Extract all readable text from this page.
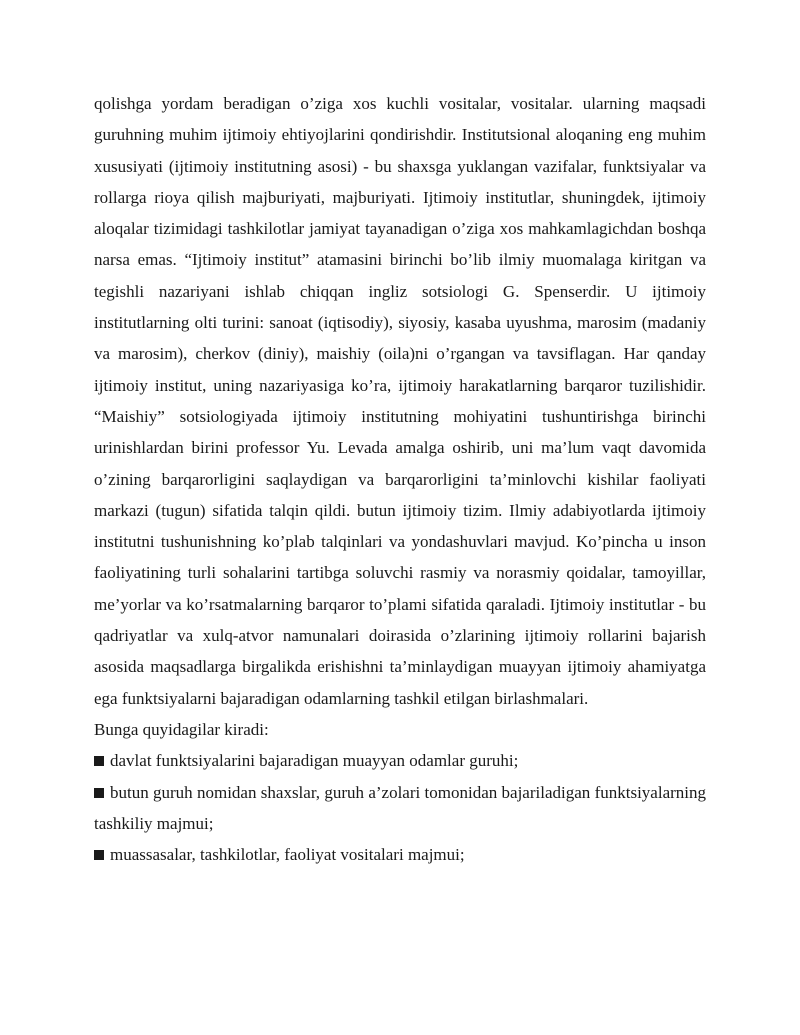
qolishga yordam beradigan o’ziga xos kuchli vositalar, vositalar. ularning maqsadi guruhning muhim ijtimoiy ehtiyojlarini qondirishdir. Institutsional aloqaning eng muhim xususiyati (ijtimoiy institutning asosi) - bu shaxsga yuklangan vazifalar, funktsiyalar va rollarga rioya qilish majburiyati, majburiyati. Ijtimoiy institutlar, shuningdek, ijtimoiy aloqalar tizimidagi tashkilotlar jamiyat tayanadigan o’ziga xos mahkamlagichdan boshqa narsa emas. “Ijtimoiy institut” atamasini birinchi bo’lib ilmiy muomalaga kiritgan va tegishli nazariyani ishlab chiqqan ingliz sotsiologi G. Spenserdir. U ijtimoiy institutlarning olti turini: sanoat (iqtisodiy), siyosiy, kasaba uyushma, marosim (madaniy va marosim), cherkov (diniy), maishiy (oila)ni o’rgangan va tavsiflagan. Har qanday ijtimoiy institut, uning nazariyasiga ko’ra, ijtimoiy harakatlarning barqaror tuzilishidir. “Maishiy” sotsiologiyada ijtimoiy institutning mohiyatini tushuntirishga birinchi urinishlardan birini professor Yu. Levada amalga oshirib, uni ma’lum vaqt davomida o’zining barqarorligini saqlaydigan va barqarorligini ta’minlovchi kishilar faoliyati markazi (tugun) sifatida talqin qildi. butun ijtimoiy tizim. Ilmiy adabiyotlarda ijtimoiy institutni tushunishning ko’plab talqinlari va yondashuvlari mavjud. Ko’pincha u inson faoliyatining turli sohalarini tartibga soluvchi rasmiy va norasmiy qoidalar, tamoyillar, me’yorlar va ko’rsatmalarning barqaror to’plami sifatida qaraladi. Ijtimoiy institutlar - bu qadriyatlar va xulq-atvor namunalari doirasida o’zlarining ijtimoiy rollarini bajarish asosida maqsadlarga birgalikda erishishni ta’minlaydigan muayyan ijtimoiy ahamiyatga ega funktsiyalarni bajaradigan odamlarning tashkil etilgan birlashmalari.

Bunga quyidagilar kiradi:

davlat funktsiyalarini bajaradigan muayyan odamlar guruhi;

butun guruh nomidan shaxslar, guruh a’zolari tomonidan bajariladigan funktsiyalarning tashkiliy majmui;

muassasalar, tashkilotlar, faoliyat vositalari majmui;
